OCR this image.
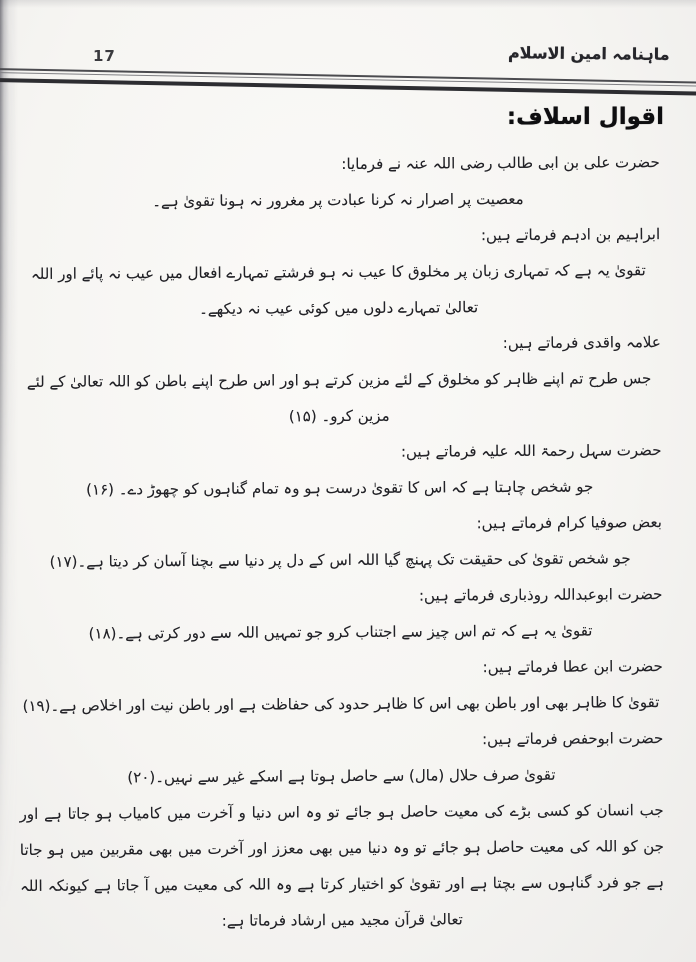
17	ماہنامہ امین الاسلام
اقوال اسلاف:

حضرت علی بن ابی طالب رضی اللہ عنہ نے فرمایا:

معصیت پر اصرار نہ کرنا عبادت پر مغرور نہ ہونا تقویٰ ہے۔

ابراہیم بن ادہم فرماتے ہیں:

تقویٰ یہ ہے کہ تمہاری زبان پر مخلوق کا عیب نہ ہو فرشتے تمہارے افعال میں عیب نہ پائے اور اللہ تعالیٰ تمہارے دلوں میں کوئی عیب نہ دیکھے۔

علامہ واقدی فرماتے ہیں:

جس طرح تم اپنے ظاہر کو مخلوق کے لئے مزین کرتے ہو اور اس طرح اپنے باطن کو اللہ تعالیٰ کے لئے مزین کرو۔ (۱۵)

حضرت سہل رحمۃ اللہ علیہ فرماتے ہیں:

جو شخص چاہتا ہے کہ اس کا تقویٰ درست ہو وہ تمام گناہوں کو چھوڑ دے۔ (۱۶)

بعض صوفیا کرام فرماتے ہیں:

جو شخص تقویٰ کی حقیقت تک پہنچ گیا اللہ اس کے دل پر دنیا سے بچنا آسان کر دیتا ہے۔(۱۷)

حضرت ابوعبداللہ روذباری فرماتے ہیں:

تقویٰ یہ ہے کہ تم اس چیز سے اجتناب کرو جو تمہیں اللہ سے دور کرتی ہے۔(۱۸)

حضرت ابن عطا فرماتے ہیں:

تقویٰ کا ظاہر بھی اور باطن بھی اس کا ظاہر حدود کی حفاظت ہے اور باطن نیت اور اخلاص ہے۔(۱۹)

حضرت ابوحفص فرماتے ہیں:

تقویٰ صرف حلال (مال) سے حاصل ہوتا ہے اسکے غیر سے نہیں۔(۲۰)

جب انسان کو کسی بڑے کی معیت حاصل ہو جائے تو وہ اس دنیا و آخرت میں کامیاب ہو جاتا ہے اور جن کو اللہ کی معیت حاصل ہو جائے تو وہ دنیا میں بھی معزز اور آخرت میں بھی مقربین میں ہو جاتا ہے جو فرد گناہوں سے بچتا ہے اور تقویٰ کو اختیار کرتا ہے وہ اللہ کی معیت میں آ جاتا ہے کیونکہ اللہ تعالیٰ قرآن مجید میں ارشاد فرماتا ہے:
